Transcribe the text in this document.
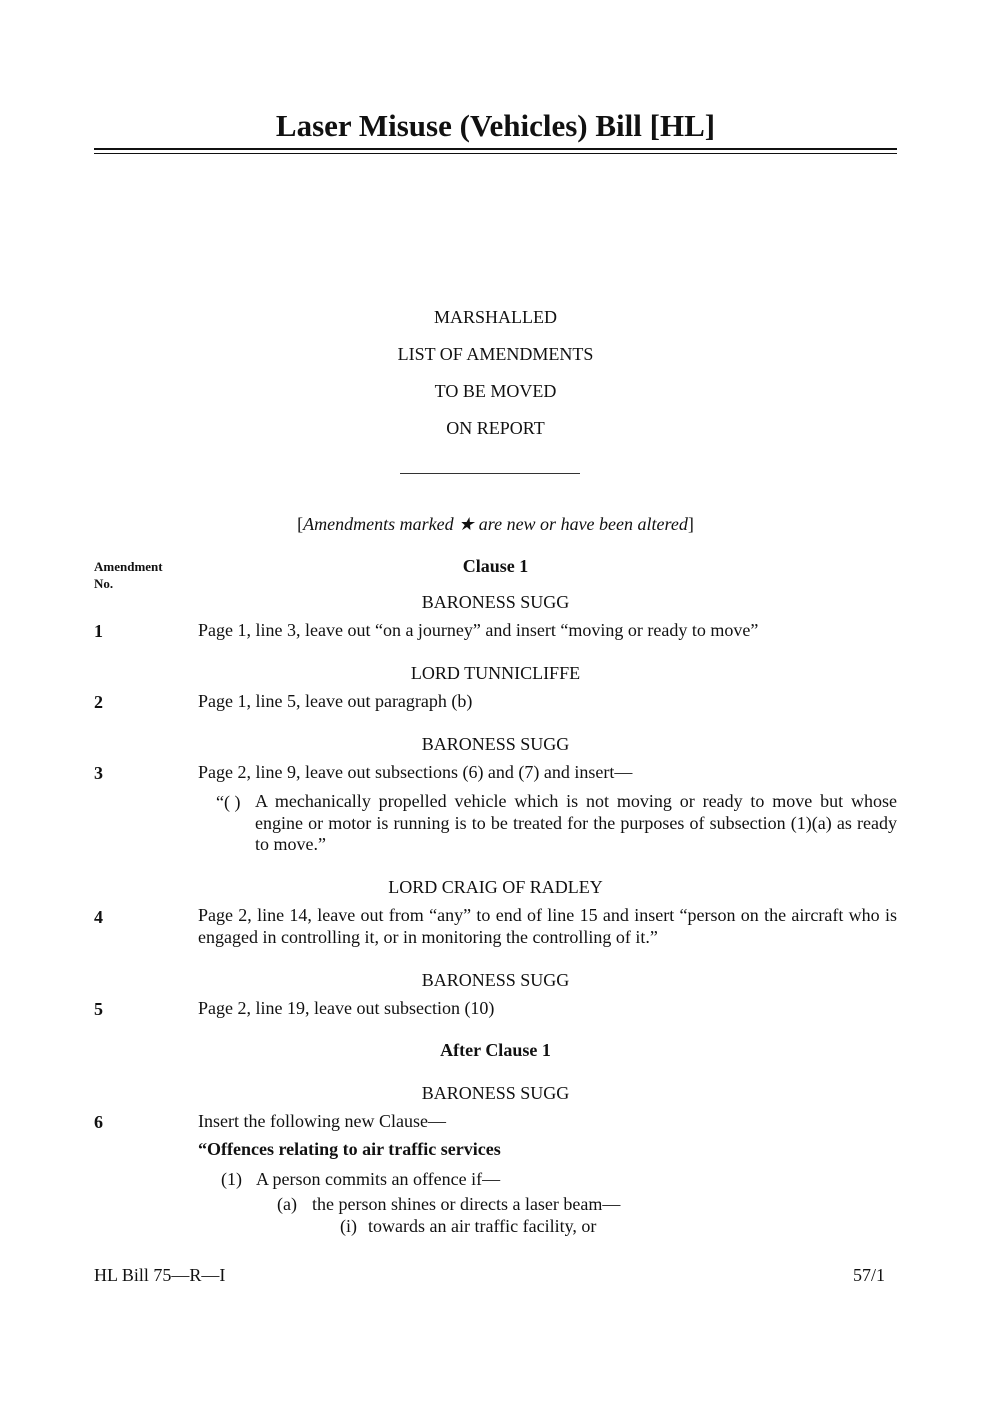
Laser Misuse (Vehicles) Bill [HL]
MARSHALLED
LIST OF AMENDMENTS
TO BE MOVED
ON REPORT
[Amendments marked ★ are new or have been altered]
Amendment
No.
Clause 1
BARONESS SUGG
1	Page 1, line 3, leave out “on a journey” and insert “moving or ready to move”
LORD TUNNICLIFFE
2	Page 1, line 5, leave out paragraph (b)
BARONESS SUGG
3	Page 2, line 9, leave out subsections (6) and (7) and insert—
“( ) A mechanically propelled vehicle which is not moving or ready to move but whose engine or motor is running is to be treated for the purposes of subsection (1)(a) as ready to move.”
LORD CRAIG OF RADLEY
4	Page 2, line 14, leave out from “any” to end of line 15 and insert “person on the aircraft who is engaged in controlling it, or in monitoring the controlling of it.”
BARONESS SUGG
5	Page 2, line 19, leave out subsection (10)
After Clause 1
BARONESS SUGG
6	Insert the following new Clause—
“Offences relating to air traffic services
(1) A person commits an offence if—
(a) the person shines or directs a laser beam—
(i) towards an air traffic facility, or
HL Bill 75—R—I	57/1
